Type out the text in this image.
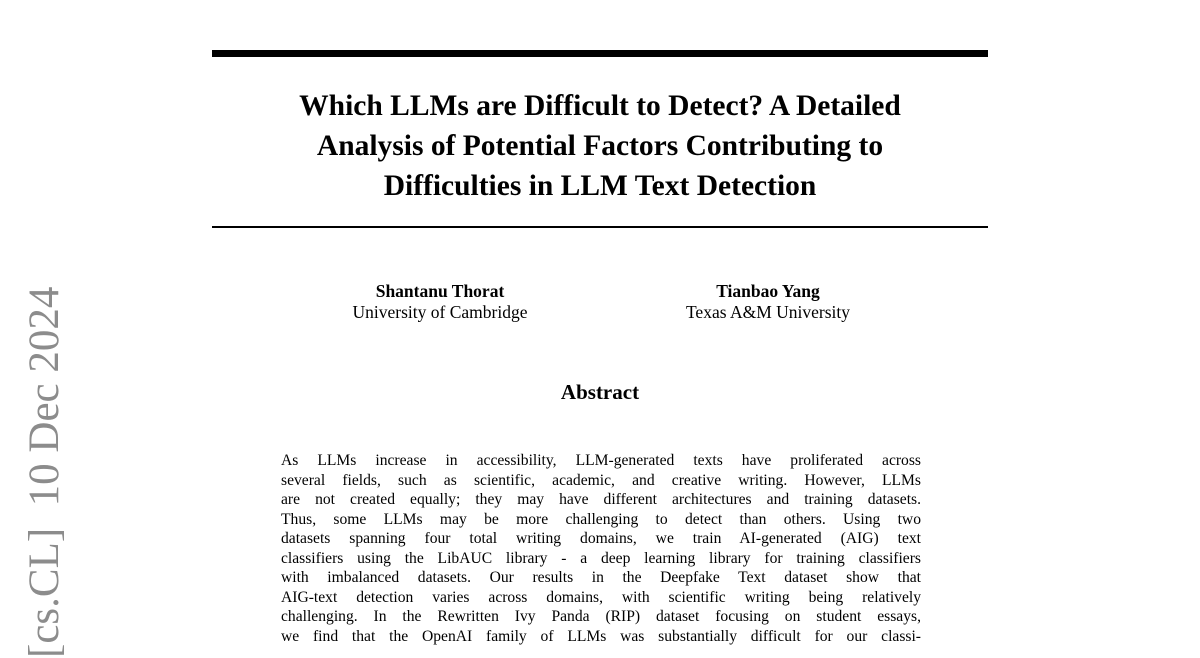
Which LLMs are Difficult to Detect? A Detailed
Analysis of Potential Factors Contributing to
Difficulties in LLM Text Detection
Shantanu Thorat
University of Cambridge
Tianbao Yang
Texas A&M University
Abstract
As LLMs increase in accessibility, LLM-generated texts have proliferated across
several fields, such as scientific, academic, and creative writing. However, LLMs
are not created equally; they may have different architectures and training datasets.
Thus, some LLMs may be more challenging to detect than others. Using two
datasets spanning four total writing domains, we train AI-generated (AIG) text
classifiers using the LibAUC library - a deep learning library for training classifiers
with imbalanced datasets. Our results in the Deepfake Text dataset show that
AIG-text detection varies across domains, with scientific writing being relatively
challenging. In the Rewritten Ivy Panda (RIP) dataset focusing on student essays,
we find that the OpenAI family of LLMs was substantially difficult for our classi-
[cs.CL]  10 Dec 2024
